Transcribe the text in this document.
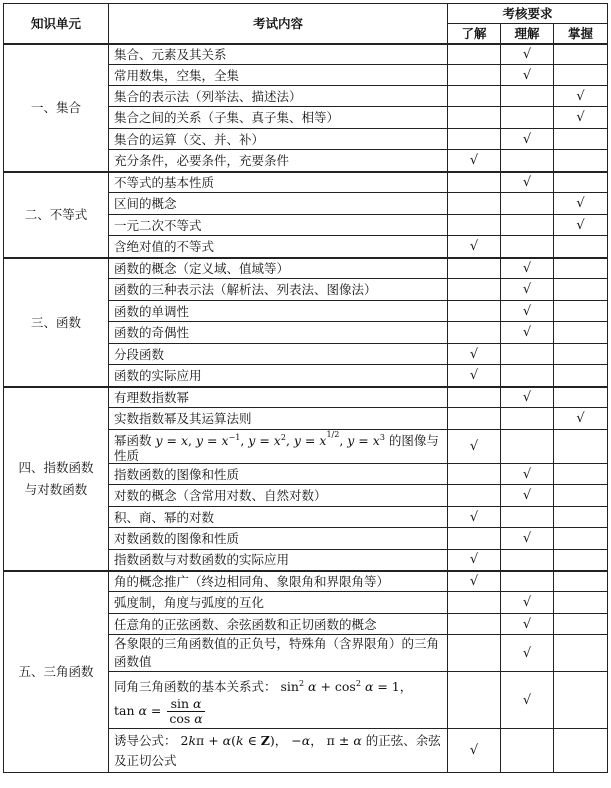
知识单元	考试内容	考核要求		
		了解	理解	掌握
一、集合	集合、元素及其关系		√	
	常用数集，空集，全集		√	
	集合的表示法（列举法、描述法）			√
	集合之间的关系（子集、真子集、相等）			√
	集合的运算（交、并、补）		√	
	充分条件，必要条件，充要条件	√		
二、不等式	不等式的基本性质		√	
	区间的概念			√
	一元二次不等式			√
	含绝对值的不等式	√		
三、函数	函数的概念（定义域、值域等）		√	
	函数的三种表示法（解析法、列表法、图像法）		√	
	函数的单调性		√	
	函数的奇偶性		√	
	分段函数	√		
	函数的实际应用	√		
四、指数函数
与对数函数	有理数指数幂		√	
	实数指数幂及其运算法则			√
	幂函数 y = x, $y = x^{-1}$, $y = x^2$, $y = x^{1/2}$, $y = x^3$ 的图像与性质	√		
	指数函数的图像和性质		√	
	对数的概念（含常用对数、自然对数）		√	
	积、商、幂的对数	√		
	对数函数的图像和性质		√	
	指数函数与对数函数的实际应用	√		
五、三角函数	角的概念推广（终边相同角、象限角和界限角等）	√		
	弧度制，角度与弧度的互化		√	
	任意角的正弦函数、余弦函数和正切函数的概念		√	
	各象限的三角函数值的正负号，特殊角（含界限角）的三角函数值		√	
	同角三角函数的基本关系式： $\sin^2 \alpha + \cos^2 \alpha = 1$，
$\tan \alpha = \frac{\text{sin α}}{\text{cos α}}$		√	
	诱导公式： 2kπ + α(k ∈ Z)， −α， π ± α 的正弦、余弦
及正切公式	√		
